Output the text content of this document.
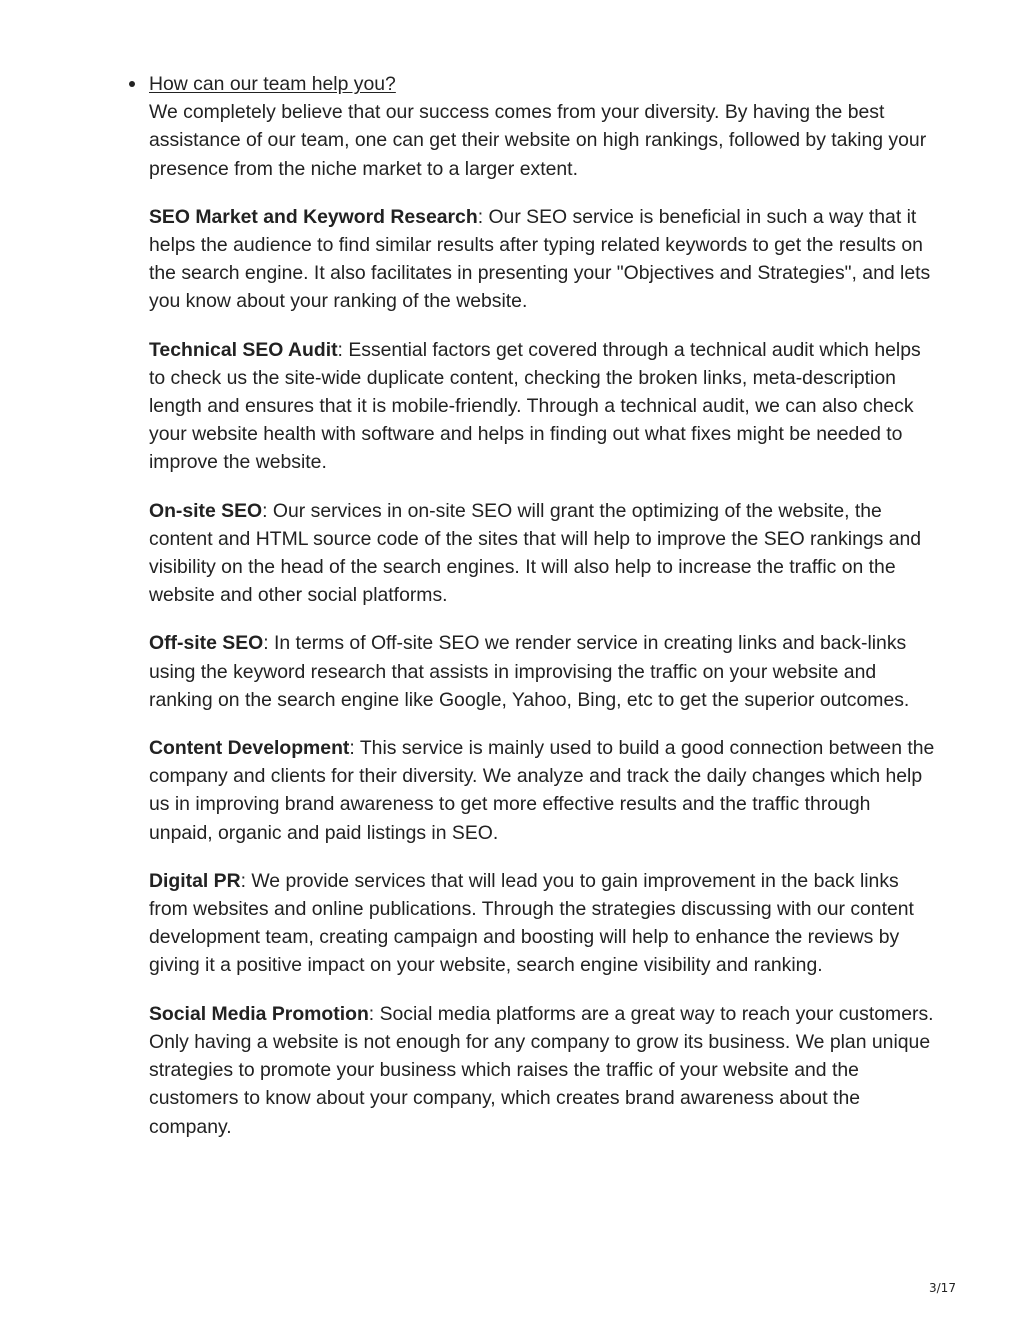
How can our team help you?

We completely believe that our success comes from your diversity. By having the best assistance of our team, one can get their website on high rankings, followed by taking your presence from the niche market to a larger extent.

SEO Market and Keyword Research: Our SEO service is beneficial in such a way that it helps the audience to find similar results after typing related keywords to get the results on the search engine. It also facilitates in presenting your "Objectives and Strategies", and lets you know about your ranking of the website.

Technical SEO Audit: Essential factors get covered through a technical audit which helps to check us the site-wide duplicate content, checking the broken links, meta-description length and ensures that it is mobile-friendly. Through a technical audit, we can also check your website health with software and helps in finding out what fixes might be needed to improve the website.

On-site SEO: Our services in on-site SEO will grant the optimizing of the website, the content and HTML source code of the sites that will help to improve the SEO rankings and visibility on the head of the search engines. It will also help to increase the traffic on the website and other social platforms.

Off-site SEO: In terms of Off-site SEO we render service in creating links and back-links using the keyword research that assists in improvising the traffic on your website and ranking on the search engine like Google, Yahoo, Bing, etc to get the superior outcomes.

Content Development: This service is mainly used to build a good connection between the company and clients for their diversity. We analyze and track the daily changes which help us in improving brand awareness to get more effective results and the traffic through unpaid, organic and paid listings in SEO.

Digital PR: We provide services that will lead you to gain improvement in the back links from websites and online publications. Through the strategies discussing with our content development team, creating campaign and boosting will help to enhance the reviews by giving it a positive impact on your website, search engine visibility and ranking.

Social Media Promotion: Social media platforms are a great way to reach your customers. Only having a website is not enough for any company to grow its business. We plan unique strategies to promote your business which raises the traffic of your website and the customers to know about your company, which creates brand awareness about the company.

3/17
